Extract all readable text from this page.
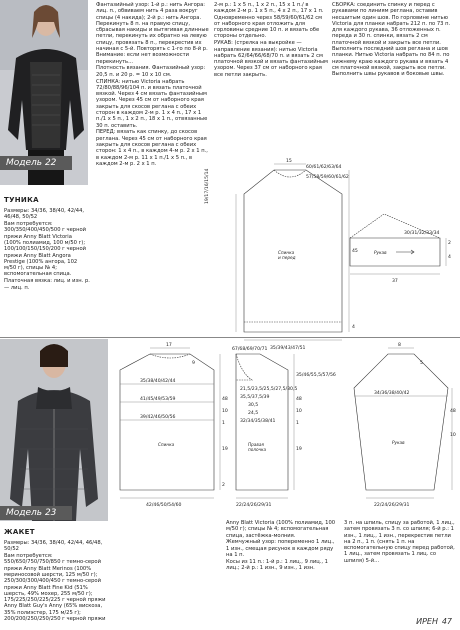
Модель 22
ТУНИКА

Размеры: 34/36, 38/40, 42/44, 46/48, 50/52

Вам потребуется: 300/350/400/450/500 г черной пряжи Anny Blatt Victoria (100% полиамид, 100 м/50 г); 100/100/150/150/200 г черной пряжи Anny Blatt Angora Prestige (100% ангора, 102 м/50 г), спицы № 4; вспомогательная спица.

Платочная вязка: лиц. и изн. р. — лиц. п.

Фантазийный узор: 1-й р.: нить Ангора: лиц. п., обвиваем нить 4 раза вокруг спицы (4 накида); 2-й р.: нить Ангора. Перекинуть 8 п. на правую спицу, сбрасывая накиды и вытягивая длинные петли, перекинуть их обратно на левую спицу, провязать 8 п., перекрестив их начиная с 5-й. Повторять с 1-го по 8-й р. Внимание: если нет возможности перекинуть...

Плотность вязания. Фантазийный узор: 20,5 п. и 20 р. = 10 х 10 см.

СПИНКА: нитью Victoria набрать 72/80/88/96/104 п. и вязать платочной вязкой. Через 4 см вязать фантазийным узором. Через 45 см от наборного края закрыть для скосов реглана с обеих сторон в каждом 2-м р. 1 х 4 п., 17 х 1 п./1 х 5 п., 1 х 2 п., 18 х 1 п., отвязанные 30 п. оставить.

ПЕРЕД: вязать как спинку, до скосов реглана. Через 45 см от наборного края закрыть для скосов реглана с обеих сторон: 1 х 4 п., в каждом 4-м р. 2 х 1 п., в каждом 2-м р. 11 х 1 п./1 х 5 п., в каждом 2-м р. 2 х 1 п.

2-м р.: 1 х 5 п., 1 х 2 п., 15 х 1 п./ в каждом 2-м р. 1 х 5 п., 4 х 2 п., 17 х 1 п. Одновременно через 58/59/60/61/62 см от наборного края отложить для горловины средние 10 п. и вязать обе стороны отдельно.

РУКАВ: (стрелка на выкройке — направление вязания): нитью Victoria набрать 62/64/66/68/70 п. и вязать 2 см платочной вязкой и вязать фантазийным узором. Через 37 см от наборного края все петли закрыть.

СБОРКА: соединить спинку и перед с рукавами по линиям реглана, оставив несшитым один шов. По горловине нитью Victoria для планки набрать 212 п. по 73 п. для каждого рукава, 36 отложенных п. переда и 30 п. спинки, вязать 2 см платочной вязкой и закрыть все петли. Выполнить последний шов реглана и шов планки. Нитью Victoria набрать по 84 п. по нижнему краю каждого рукава и вязать 4 см платочной вязкой, закрыть все петли. Выполнить швы рукавов и боковые швы.

15
19/17/16/15/14
60/61/62/63/64
57/58/59/60/61/62
45
4
Спинка и перед
35/39/43/47/51
Рукав
30/31/32/33/34
37
2
4
Модель 23
ЖАКЕТ

Размеры: 34/36, 38/40, 42/44, 46/48, 50/52

Вам потребуется: 550/650/750/750/850 г темно-серой пряжи Anny Blatt Merinos (100% мериносовой шерсти, 125 м/50 г); 250/300/300/400/450 г темно-серой пряжи Anny Blatt Fine Kid (51% шерсть, 49% мохер, 255 м/50 г); 175/225/250/225/225 г черной пряжи Anny Blatt Guy's Anny (65% вискоза, 35% полиэстер, 175 м/25 г); 200/200/250/250/250 г черной пряжи

17
9
35/38/40/42/44
41/45/49/53/59
39/42/46/50/56
48
10
1
19
2
Спинка
42/46/50/54/60
67/68/69/70/71
21,5/23,5/25,5/27,5/30,5
35,5/37,5/39
30,5
24,5
32/34/35/38/41
35/46/55,5/57/56
48
10
1
19
Правая полочка
22/24/26/29/31
8
5
34/36/38/40/42
48
10
Рукав
22/24/26/29/31

Anny Blatt Victoria (100% полиамид, 100 м/50 г); спицы № 4; вспомогательная спица, застёжка-молния.

Жемчужный узор: попеременно 1 лиц., 1 изн., смещая рисунок в каждом ряду на 1 п.

Косы из 11 п.: 1-й р.: 1 лиц., 9 лиц., 1 лиц.; 2-й р.: 1 изн., 9 изн., 1 изн.

3 п. на шпиль, спицу за работой, 1 лиц., затем провязать 3 п. со шпиля; 6-й р.: 1 изн., 1 лиц., 1 изн., перекрестив петли на 2 п., 1 п. (снять 1 п. на вспомогательную спицу перед работой, 1 лиц., затем провязать 1 лиц. со шпиля) 5-й...

ИРЕН 47
